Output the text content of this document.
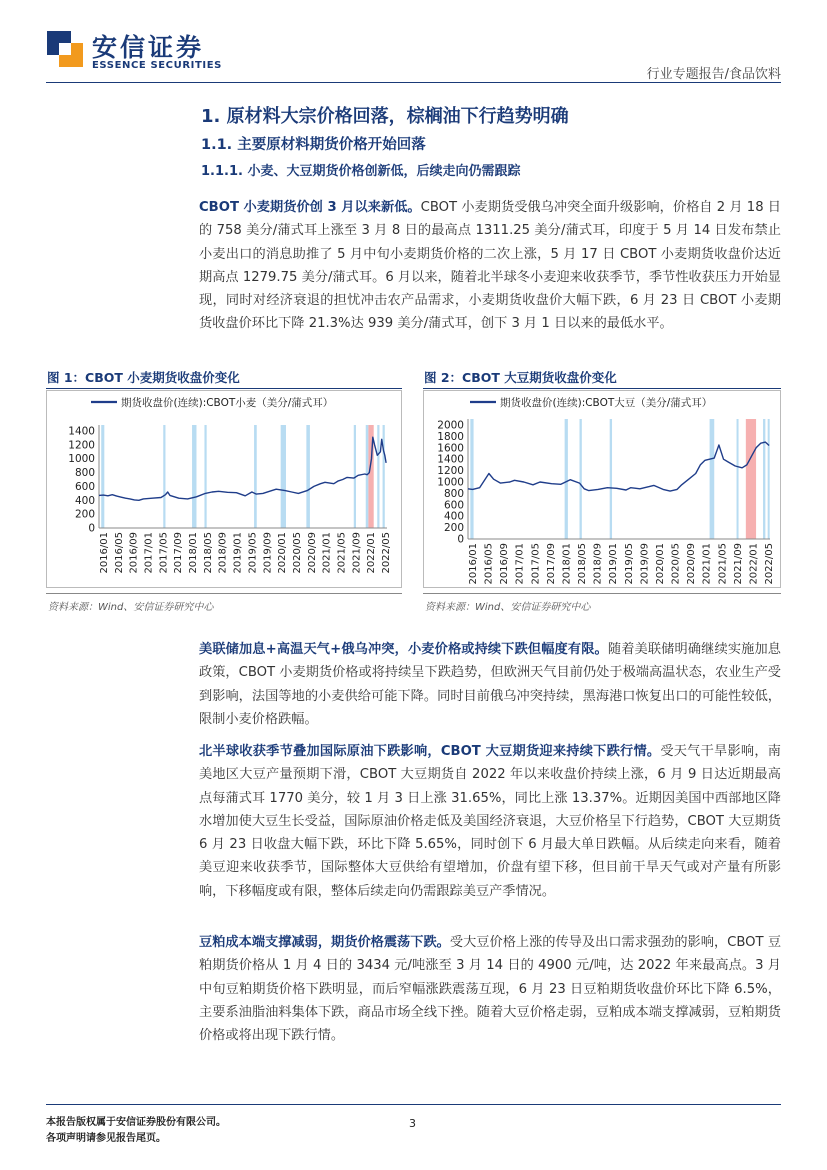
安信证券
ESSENCE SECURITIES
行业专题报告/食品饮料
1. 原材料大宗价格回落，棕榈油下行趋势明确
1.1. 主要原材料期货价格开始回落
1.1.1. 小麦、大豆期货价格创新低，后续走向仍需跟踪
CBOT 小麦期货价创 3 月以来新低。CBOT 小麦期货受俄乌冲突全面升级影响，价格自 2 月 18 日的 758 美分/蒲式耳上涨至 3 月 8 日的最高点 1311.25 美分/蒲式耳，印度于 5 月 14 日发布禁止小麦出口的消息助推了 5 月中旬小麦期货价格的二次上涨，5 月 17 日 CBOT 小麦期货收盘价达近期高点 1279.75 美分/蒲式耳。6 月以来，随着北半球冬小麦迎来收获季节，季节性收获压力开始显现，同时对经济衰退的担忧冲击农产品需求，小麦期货收盘价大幅下跌，6 月 23 日 CBOT 小麦期货收盘价环比下降 21.3%达 939 美分/蒲式耳，创下 3 月 1 日以来的最低水平。
图 1：CBOT 小麦期货收盘价变化
0
200
400
600
800
1000
1200
1400
2016/01 2016/05 2016/09 2017/01 2017/05 2017/09 2018/01 2018/05 2018/09 2019/01 2019/05 2019/09 2020/01 2020/05 2020/09 2021/01 2021/05 2021/09 2022/01 2022/05
期货收盘价(连续):CBOT小麦（美分/蒲式耳）
资料来源：Wind、安信证券研究中心
图 2：CBOT 大豆期货收盘价变化
0
200
400
600
800
1000
1200
1400
1600
1800
2000
2016/01 2016/05 2016/09 2017/01 2017/05 2017/09 2018/01 2018/05 2018/09 2019/01 2019/05 2019/09 2020/01 2020/05 2020/09 2021/01 2021/05 2021/09 2022/01 2022/05
期货收盘价(连续):CBOT大豆（美分/蒲式耳）
资料来源：Wind、安信证券研究中心
美联储加息+高温天气+俄乌冲突，小麦价格或持续下跌但幅度有限。随着美联储明确继续实施加息政策，CBOT 小麦期货价格或将持续呈下跌趋势，但欧洲天气目前仍处于极端高温状态，农业生产受到影响，法国等地的小麦供给可能下降。同时目前俄乌冲突持续，黑海港口恢复出口的可能性较低，限制小麦价格跌幅。
北半球收获季节叠加国际原油下跌影响，CBOT 大豆期货迎来持续下跌行情。受天气干旱影响，南美地区大豆产量预期下滑，CBOT 大豆期货自 2022 年以来收盘价持续上涨，6 月 9 日达近期最高点每蒲式耳 1770 美分，较 1 月 3 日上涨 31.65%，同比上涨 13.37%。近期因美国中西部地区降水增加使大豆生长受益，国际原油价格走低及美国经济衰退，大豆价格呈下行趋势，CBOT 大豆期货 6 月 23 日收盘大幅下跌，环比下降 5.65%，同时创下 6 月最大单日跌幅。从后续走向来看，随着美豆迎来收获季节，国际整体大豆供给有望增加，价盘有望下移，但目前干旱天气或对产量有所影响，下移幅度或有限，整体后续走向仍需跟踪美豆产季情况。
豆粕成本端支撑减弱，期货价格震荡下跌。受大豆价格上涨的传导及出口需求强劲的影响，CBOT 豆粕期货价格从 1 月 4 日的 3434 元/吨涨至 3 月 14 日的 4900 元/吨，达 2022 年来最高点。3 月中旬豆粕期货价格下跌明显，而后窄幅涨跌震荡互现，6 月 23 日豆粕期货收盘价环比下降 6.5%，主要系油脂油料集体下跌，商品市场全线下挫。随着大豆价格走弱，豆粕成本端支撑减弱，豆粕期货价格或将出现下跌行情。
本报告版权属于安信证券股份有限公司。
各项声明请参见报告尾页。
3
